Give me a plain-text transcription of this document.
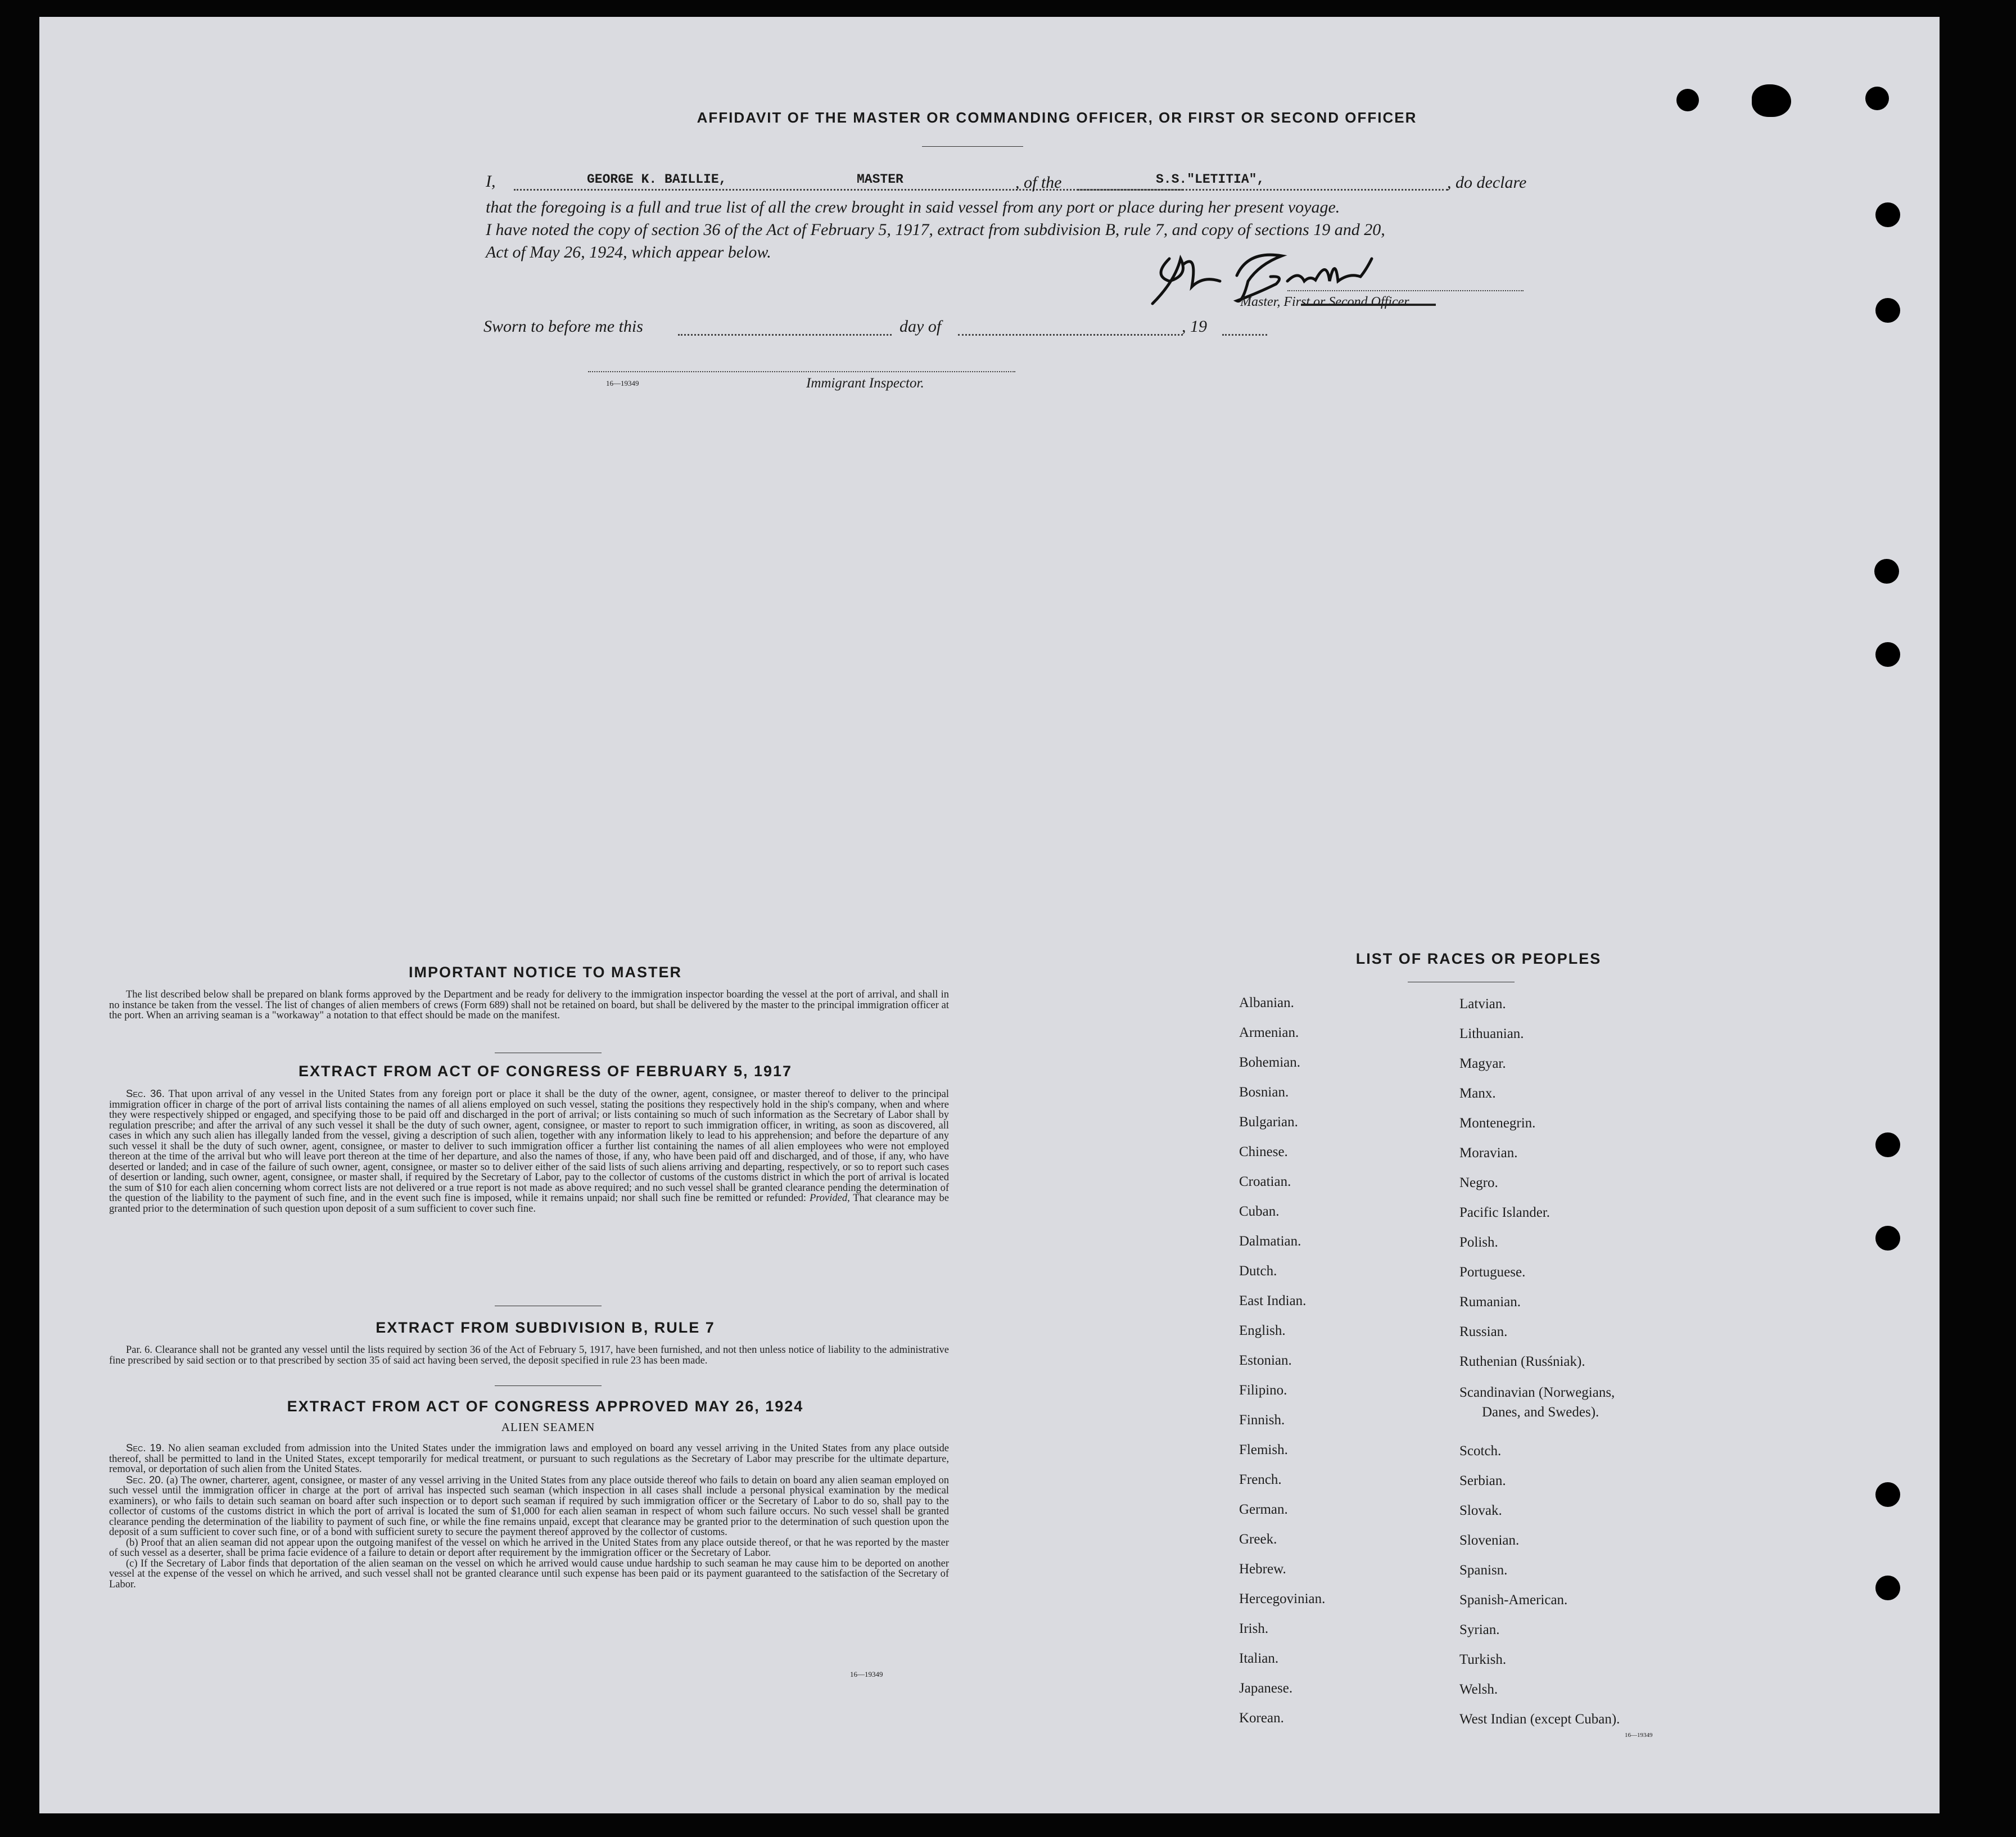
AFFIDAVIT OF THE MASTER OR COMMANDING OFFICER, OR FIRST OR SECOND OFFICER
I,	GEORGE K. BAILLIE,	MASTER	, of the	S.S."LETITIA",	, do declare
that the foregoing is a full and true list of all the crew brought in said vessel from any port or place during her present voyage.
I have noted the copy of section 36 of the Act of February 5, 1917, extract from subdivision B, rule 7, and copy of sections 19 and 20,
Act of May 26, 1924, which appear below.
Master, First or Second Officer.
Sworn to before me this	day of	, 19
16—19349	Immigrant Inspector.
IMPORTANT NOTICE TO MASTER

The list described below shall be prepared on blank forms approved by the Department and be ready for delivery to the immigration inspector boarding the vessel at the port of arrival, and shall in no instance be taken from the vessel. The list of changes of alien members of crews (Form 689) shall not be retained on board, but shall be delivered by the master to the principal immigration officer at the port. When an arriving seaman is a "workaway" a notation to that effect should be made on the manifest.

EXTRACT FROM ACT OF CONGRESS OF FEBRUARY 5, 1917

Sec. 36. That upon arrival of any vessel in the United States from any foreign port or place it shall be the duty of the owner, agent, consignee, or master thereof to deliver to the principal immigration officer in charge of the port of arrival lists containing the names of all aliens employed on such vessel, stating the positions they respectively hold in the ship's company, when and where they were respectively shipped or engaged, and specifying those to be paid off and discharged in the port of arrival; or lists containing so much of such information as the Secretary of Labor shall by regulation prescribe; and after the arrival of any such vessel it shall be the duty of such owner, agent, consignee, or master to report to such immigration officer, in writing, as soon as discovered, all cases in which any such alien has illegally landed from the vessel, giving a description of such alien, together with any information likely to lead to his apprehension; and before the departure of any such vessel it shall be the duty of such owner, agent, consignee, or master to deliver to such immigration officer a further list containing the names of all alien employees who were not employed thereon at the time of the arrival but who will leave port thereon at the time of her departure, and also the names of those, if any, who have been paid off and discharged, and of those, if any, who have deserted or landed; and in case of the failure of such owner, agent, consignee, or master so to deliver either of the said lists of such aliens arriving and departing, respectively, or so to report such cases of desertion or landing, such owner, agent, consignee, or master shall, if required by the Secretary of Labor, pay to the collector of customs of the customs district in which the port of arrival is located the sum of $10 for each alien concerning whom correct lists are not delivered or a true report is not made as above required; and no such vessel shall be granted clearance pending the determination of the question of the liability to the payment of such fine, and in the event such fine is imposed, while it remains unpaid; nor shall such fine be remitted or refunded: Provided, That clearance may be granted prior to the determination of such question upon deposit of a sum sufficient to cover such fine.

EXTRACT FROM SUBDIVISION B, RULE 7

Par. 6. Clearance shall not be granted any vessel until the lists required by section 36 of the Act of February 5, 1917, have been furnished, and not then unless notice of liability to the administrative fine prescribed by said section or to that prescribed by section 35 of said act having been served, the deposit specified in rule 23 has been made.

EXTRACT FROM ACT OF CONGRESS APPROVED MAY 26, 1924
ALIEN SEAMEN

Sec. 19. No alien seaman excluded from admission into the United States under the immigration laws and employed on board any vessel arriving in the United States from any place outside thereof, shall be permitted to land in the United States, except temporarily for medical treatment, or pursuant to such regulations as the Secretary of Labor may prescribe for the ultimate departure, removal, or deportation of such alien from the United States.

Sec. 20. (a) The owner, charterer, agent, consignee, or master of any vessel arriving in the United States from any place outside thereof who fails to detain on board any alien seaman employed on such vessel until the immigration officer in charge at the port of arrival has inspected such seaman (which inspection in all cases shall include a personal physical examination by the medical examiners), or who fails to detain such seaman on board after such inspection or to deport such seaman if required by such immigration officer or the Secretary of Labor to do so, shall pay to the collector of customs of the customs district in which the port of arrival is located the sum of $1,000 for each alien seaman in respect of whom such failure occurs. No such vessel shall be granted clearance pending the determination of the liability to payment of such fine, or while the fine remains unpaid, except that clearance may be granted prior to the determination of such question upon the deposit of a sum sufficient to cover such fine, or of a bond with sufficient surety to secure the payment thereof approved by the collector of customs.

(b) Proof that an alien seaman did not appear upon the outgoing manifest of the vessel on which he arrived in the United States from any place outside thereof, or that he was reported by the master of such vessel as a deserter, shall be prima facie evidence of a failure to detain or deport after requirement by the immigration officer or the Secretary of Labor.

(c) If the Secretary of Labor finds that deportation of the alien seaman on the vessel on which he arrived would cause undue hardship to such seaman he may cause him to be deported on another vessel at the expense of the vessel on which he arrived, and such vessel shall not be granted clearance until such expense has been paid or its payment guaranteed to the satisfaction of the Secretary of Labor.

16—19349
LIST OF RACES OR PEOPLES
Albanian.
Armenian.
Bohemian.
Bosnian.
Bulgarian.
Chinese.
Croatian.
Cuban.
Dalmatian.
Dutch.
East Indian.
English.
Estonian.
Filipino.
Finnish.
Flemish.
French.
German.
Greek.
Hebrew.
Hercegovinian.
Irish.
Italian.
Japanese.
Korean.
Latvian.
Lithuanian.
Magyar.
Manx.
Montenegrin.
Moravian.
Negro.
Pacific Islander.
Polish.
Portuguese.
Rumanian.
Russian.
Ruthenian (Rusśniak).
Scandinavian (Norwegians,
Danes, and Swedes).
Scotch.
Serbian.
Slovak.
Slovenian.
Spanisn.
Spanish-American.
Syrian.
Turkish.
Welsh.
West Indian (except Cuban).
16—19349
